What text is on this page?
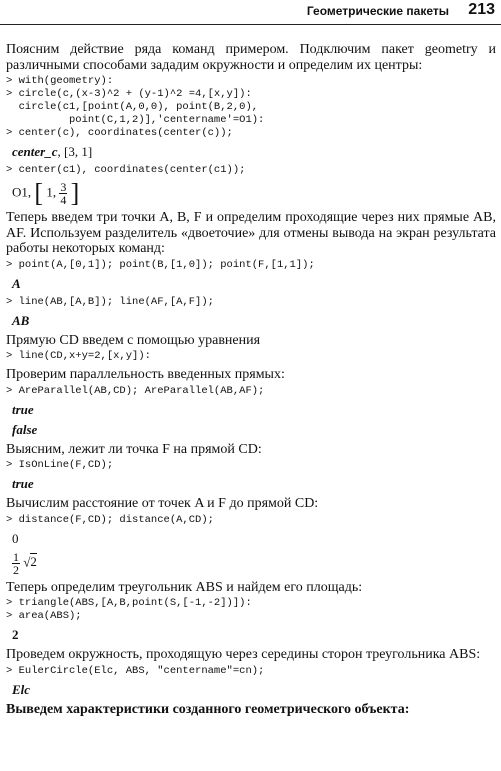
Геометрические пакеты 213

Поясним действие ряда команд примером. Подключим пакет geometry и различными способами зададим окружности и определим их центры:

> with(geometry):
> circle(c,(x-3)^2 + (y-1)^2 =4,[x,y]):
circle(c1,[point(A,0,0), point(B,2,0),
point(C,1,2)],'centername'=O1):
> center(c), coordinates(center(c));
center_c, [3, 1]
> center(c1), coordinates(center(c1));
O1, [ 1, $\frac{3}{4}$ ]

Теперь введем три точки A, B, F и определим проходящие через них прямые AB, AF. Используем разделитель «двоеточие» для отмены вывода на экран результата работы некоторых команд:

> point(A,[0,1]); point(B,[1,0]); point(F,[1,1]);
A
> line(AB,[A,B]); line(AF,[A,F]);
AB

Прямую CD введем с помощью уравнения

> line(CD,x+y=2,[x,y]):

Проверим параллельность введенных прямых:

> AreParallel(AB,CD); AreParallel(AB,AF);
true
false

Выясним, лежит ли точка F на прямой CD:

> IsOnLine(F,CD);
true

Вычислим расстояние от точек A и F до прямой CD:

> distance(F,CD); distance(A,CD);
0
$\frac{1}{2} √2$

Теперь определим треугольник ABS и найдем его площадь:

> triangle(ABS,[A,B,point(S,[-1,-2])]):
> area(ABS);
2

Проведем окружность, проходящую через середины сторон треугольника ABS:

> EulerCircle(Elc, ABS, "centername"=cn);
Elc

Выведем характеристики созданного геометрического объекта:
